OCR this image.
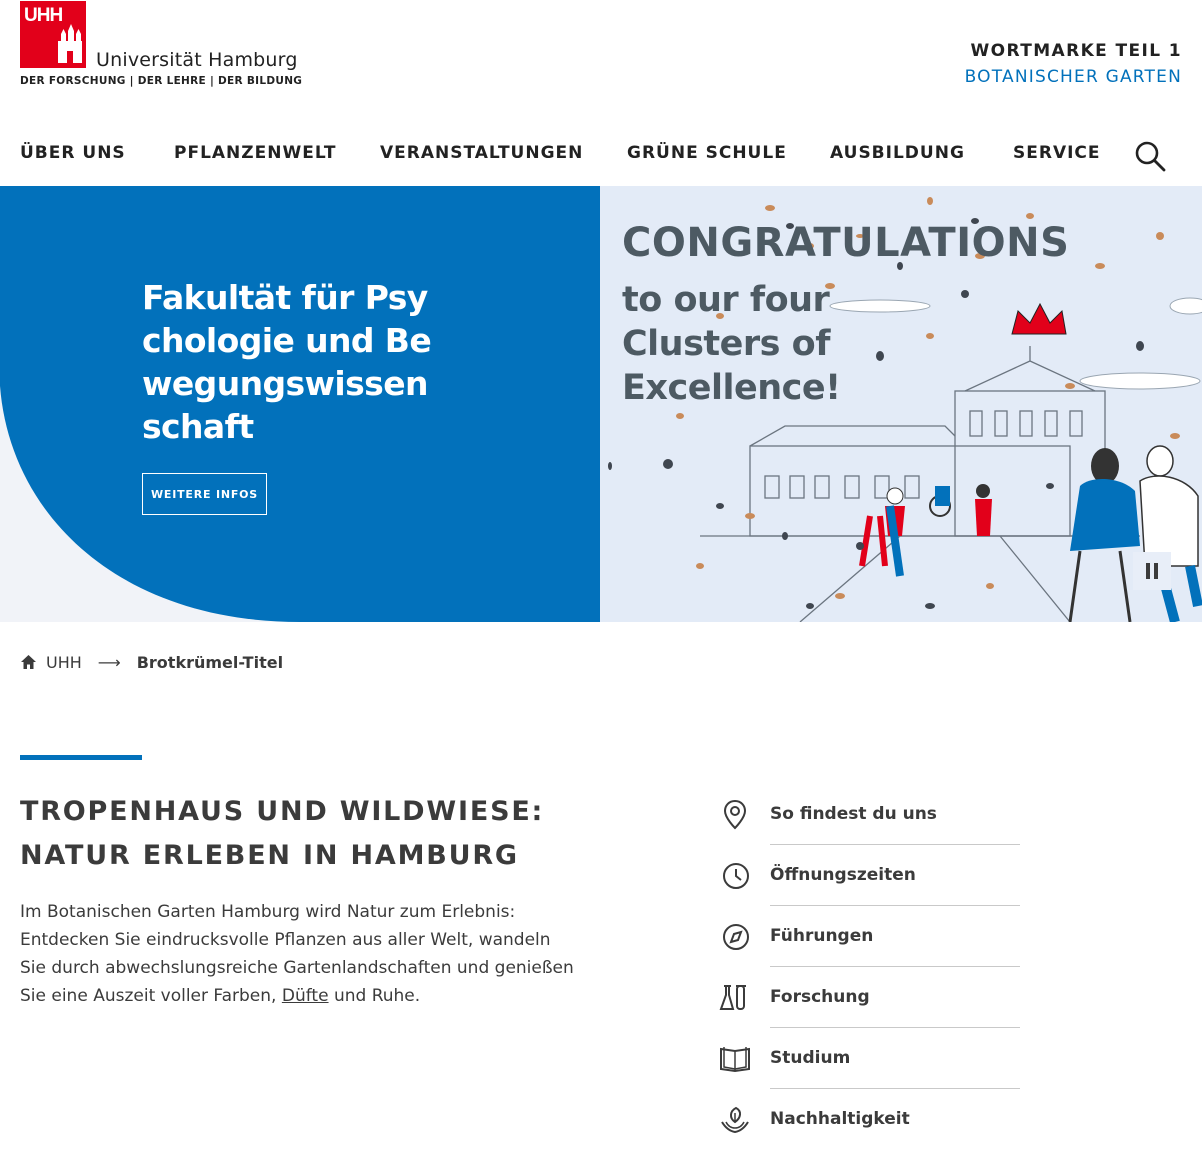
UHH
Universität Hamburg
DER FORSCHUNG | DER LEHRE | DER BILDUNG
WORTMARKE TEIL 1
BOTANISCHER GARTEN
ÜBER UNS	PFLANZENWELT	VERANSTALTUNGEN	GRÜNE SCHULE	AUSBILDUNG	SERVICE
Fakultät für Psychologie und Bewegungswissenschaft
WEITERE INFOS
CONGRATULATIONS
to our four
Clusters of
Excellence!
UHH ⟶ Brotkrümel-Titel
TROPENHAUS UND WILDWIESE:
NATUR ERLEBEN IN HAMBURG

Im Botanischen Garten Hamburg wird Natur zum Erlebnis: Entdecken Sie eindrucksvolle Pflanzen aus aller Welt, wandeln Sie durch abwechslungsreiche Gartenlandschaften und genießen Sie eine Auszeit voller Farben, Düfte und Ruhe.

So findest du uns
Öffnungszeiten
Führungen
Forschung
Studium
Nachhaltigkeit
